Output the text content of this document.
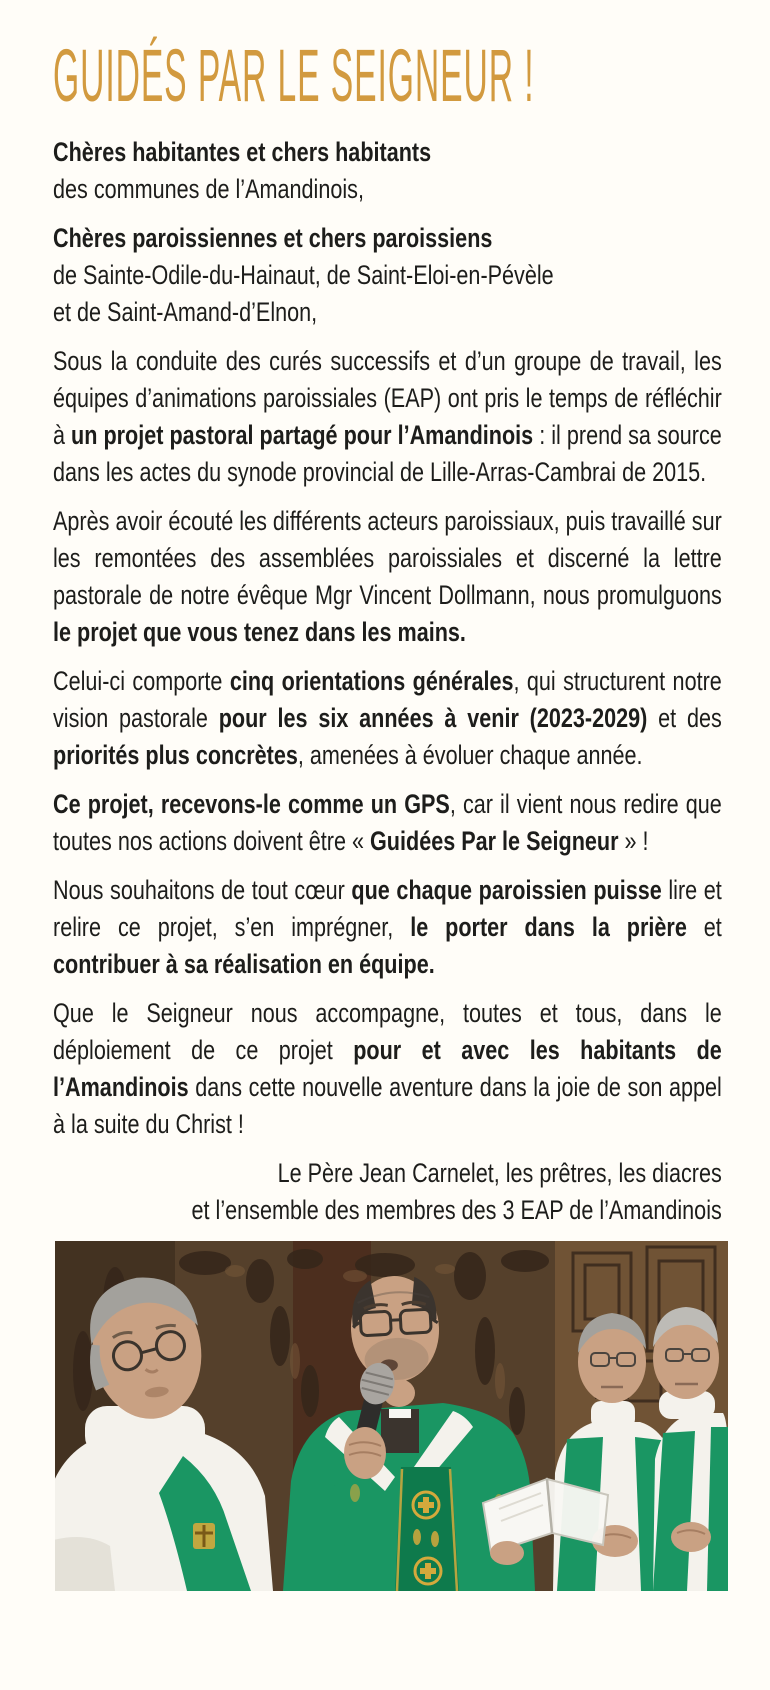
GUIDÉS PAR LE SEIGNEUR !

Chères habitantes et chers habitants
des communes de l’Amandinois,

Chères paroissiennes et chers paroissiens
de Sainte-Odile-du-Hainaut, de Saint-Eloi-en-Pévèle
et de Saint-Amand-d’Elnon,

Sous la conduite des curés successifs et d’un groupe de travail, les équipes d’animations paroissiales (EAP) ont pris le temps de réfléchir à un projet pastoral partagé pour l’Amandinois : il prend sa source dans les actes du synode provincial de Lille-Arras-Cambrai de 2015.

Après avoir écouté les différents acteurs paroissiaux, puis travaillé sur les remontées des assemblées paroissiales et discerné la lettre pastorale de notre évêque Mgr Vincent Dollmann, nous promulguons le projet que vous tenez dans les mains.

Celui-ci comporte cinq orientations générales, qui structurent notre vision pastorale pour les six années à venir (2023-2029) et des priorités plus concrètes, amenées à évoluer chaque année.

Ce projet, recevons-le comme un GPS, car il vient nous redire que toutes nos actions doivent être « Guidées Par le Seigneur » !

Nous souhaitons de tout cœur que chaque paroissien puisse lire et relire ce projet, s’en imprégner, le porter dans la prière et contribuer à sa réalisation en équipe.

Que le Seigneur nous accompagne, toutes et tous, dans le déploiement de ce projet pour et avec les habitants de l’Amandinois dans cette nouvelle aventure dans la joie de son appel à la suite du Christ !

Le Père Jean Carnelet, les prêtres, les diacres
et l’ensemble des membres des 3 EAP de l’Amandinois
